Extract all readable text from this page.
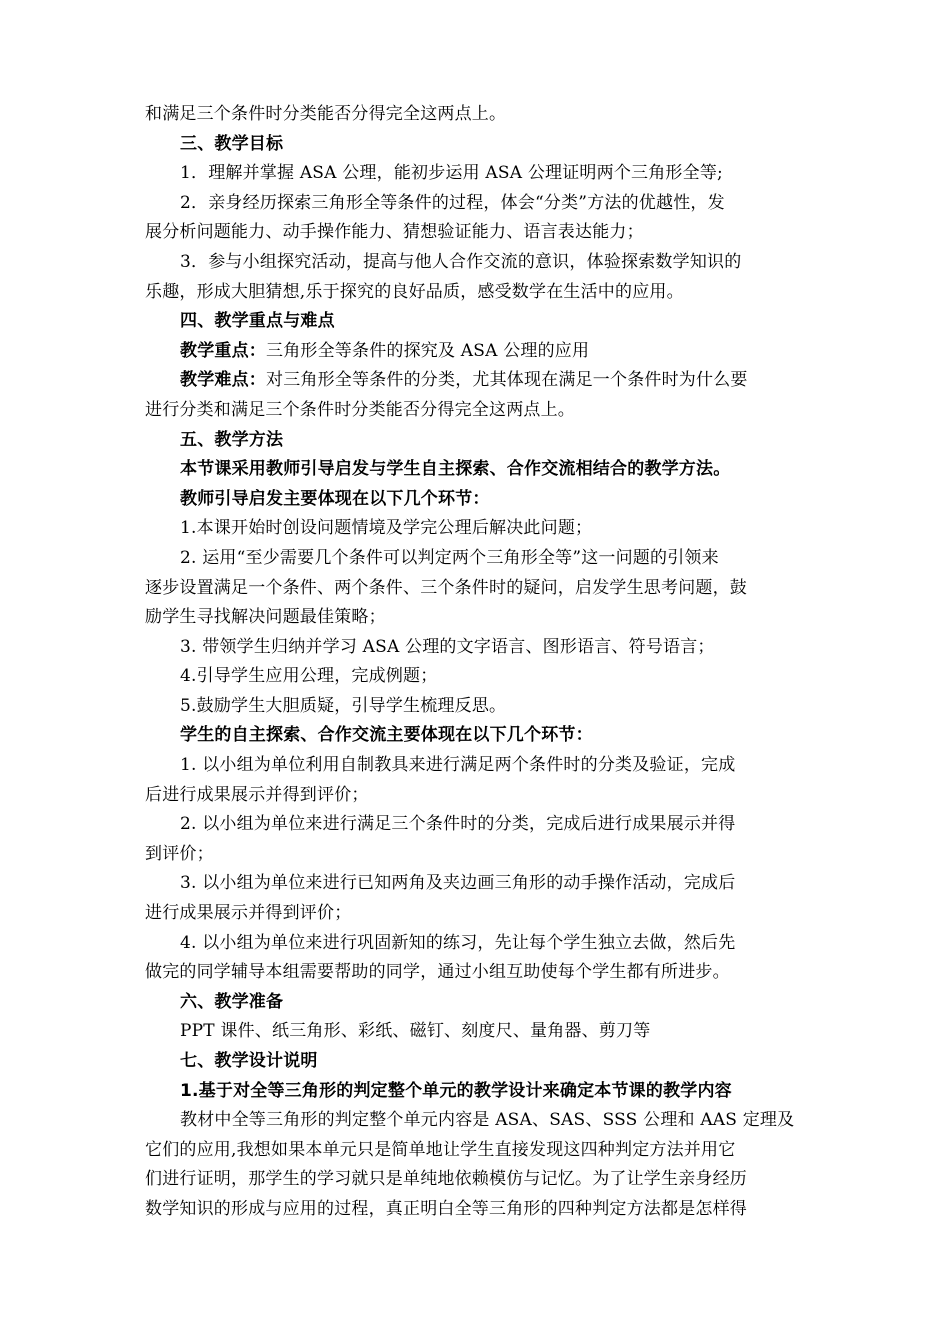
和满足三个条件时分类能否分得完全这两点上。
三、教学目标
1．理解并掌握 ASA 公理，能初步运用 ASA 公理证明两个三角形全等;
2．亲身经历探索三角形全等条件的过程，体会“分类”方法的优越性，发
展分析问题能力、动手操作能力、猜想验证能力、语言表达能力；
3．参与小组探究活动，提高与他人合作交流的意识，体验探索数学知识的
乐趣，形成大胆猜想,乐于探究的良好品质，感受数学在生活中的应用。
四、教学重点与难点
教学重点：三角形全等条件的探究及 ASA 公理的应用
教学难点：对三角形全等条件的分类，尤其体现在满足一个条件时为什么要
进行分类和满足三个条件时分类能否分得完全这两点上。
五、教学方法
本节课采用教师引导启发与学生自主探索、合作交流相结合的教学方法。
教师引导启发主要体现在以下几个环节：
1.本课开始时创设问题情境及学完公理后解决此问题；
2. 运用“至少需要几个条件可以判定两个三角形全等”这一问题的引领来
逐步设置满足一个条件、两个条件、三个条件时的疑问，启发学生思考问题，鼓
励学生寻找解决问题最佳策略；
3. 带领学生归纳并学习 ASA 公理的文字语言、图形语言、符号语言；
4.引导学生应用公理，完成例题；
5.鼓励学生大胆质疑，引导学生梳理反思。
学生的自主探索、合作交流主要体现在以下几个环节：
1. 以小组为单位利用自制教具来进行满足两个条件时的分类及验证，完成
后进行成果展示并得到评价；
2. 以小组为单位来进行满足三个条件时的分类，完成后进行成果展示并得
到评价；
3. 以小组为单位来进行已知两角及夹边画三角形的动手操作活动，完成后
进行成果展示并得到评价；
4. 以小组为单位来进行巩固新知的练习，先让每个学生独立去做，然后先
做完的同学辅导本组需要帮助的同学，通过小组互助使每个学生都有所进步。
六、教学准备
PPT 课件、纸三角形、彩纸、磁钉、刻度尺、量角器、剪刀等
七、教学设计说明
1.基于对全等三角形的判定整个单元的教学设计来确定本节课的教学内容
教材中全等三角形的判定整个单元内容是 ASA、SAS、SSS 公理和 AAS 定理及
它们的应用,我想如果本单元只是简单地让学生直接发现这四种判定方法并用它
们进行证明，那学生的学习就只是单纯地依赖模仿与记忆。为了让学生亲身经历
数学知识的形成与应用的过程，真正明白全等三角形的四种判定方法都是怎样得
